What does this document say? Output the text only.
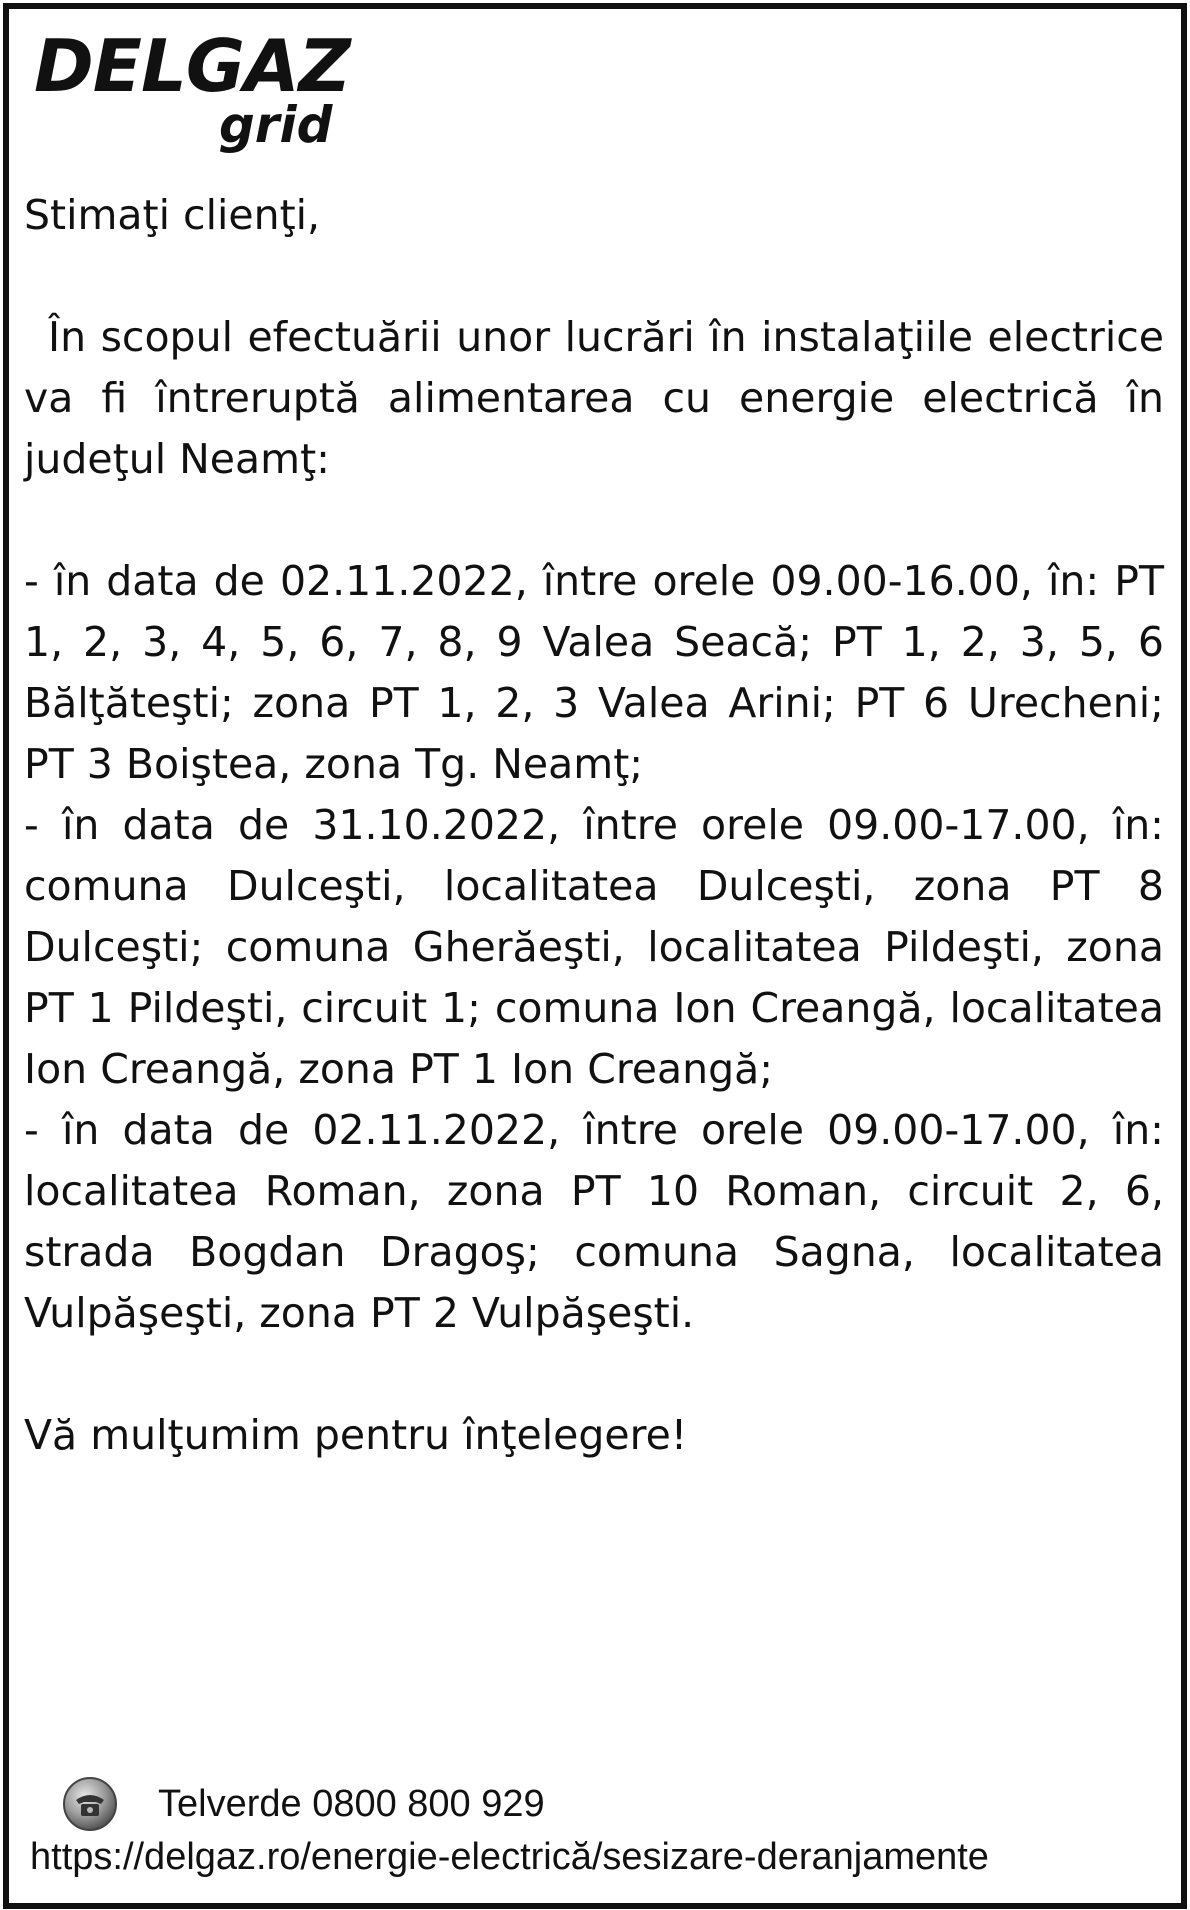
DELGAZ
grid

Stimaţi clienţi,

În scopul efectuării unor lucrări în instalaţiile electrice va fi întreruptă alimentarea cu energie electrică în judeţul Neamţ:

- în data de 02.11.2022, între orele 09.00-16.00, în: PT 1, 2, 3, 4, 5, 6, 7, 8, 9 Valea Seacă; PT 1, 2, 3, 5, 6 Bălţăteşti; zona PT 1, 2, 3 Valea Arini; PT 6 Urecheni; PT 3 Boiştea, zona Tg. Neamţ;

- în data de 31.10.2022, între orele 09.00-17.00, în: comuna Dulceşti, localitatea Dulceşti, zona PT 8 Dulceşti; comuna Gherăeşti, localitatea Pildeşti, zona PT 1 Pildeşti, circuit 1; comuna Ion Creangă, localitatea Ion Creangă, zona PT 1 Ion Creangă;

- în data de 02.11.2022, între orele 09.00-17.00, în: localitatea Roman, zona PT 10 Roman, circuit 2, 6, strada Bogdan Dragoş; comuna Sagna, localitatea Vulpăşeşti, zona PT 2 Vulpăşeşti.

Vă mulţumim pentru înţelegere!

Telverde 0800 800 929
https://delgaz.ro/energie-electrică/sesizare-deranjamente
